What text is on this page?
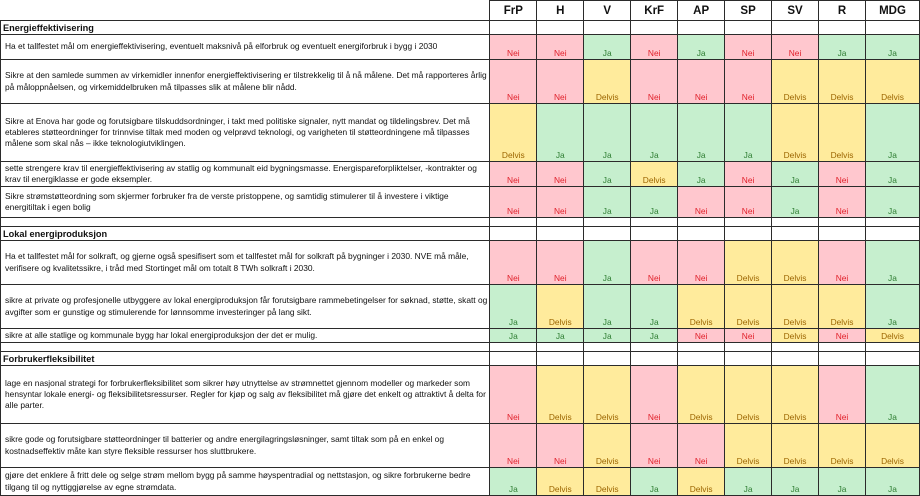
	FrP	H	V	KrF	AP	SP	SV	R	MDG
Energieffektivisering									
Ha et tallfestet mål om energieffektivisering, eventuelt maksnivå på elforbruk og eventuelt energiforbruk i bygg i 2030	Nei	Nei	Ja	Nei	Ja	Nei	Nei	Ja	Ja
Sikre at den samlede summen av virkemidler innenfor energieffektivisering er tilstrekkelig til å nå målene. Det må rapporteres årlig på måloppnåelsen, og virkemiddelbruken må tilpasses slik at målene blir nådd.	Nei	Nei	Delvis	Nei	Nei	Nei	Delvis	Delvis	Delvis
Sikre at Enova har gode og forutsigbare tilskuddsordninger, i takt med politiske signaler, nytt mandat og tildelingsbrev. Det må etableres støtteordninger for trinnvise tiltak med moden og velprøvd teknologi, og varigheten til støtteordningene må tilpasses målene som skal nås – ikke teknologiutviklingen.	Delvis	Ja	Ja	Ja	Ja	Ja	Delvis	Delvis	Ja
sette strengere krav til energieffektivisering av statlig og kommunalt eid bygningsmasse. Energispareforpliktelser, -kontrakter og krav til energiklasse er gode eksempler.	Nei	Nei	Ja	Delvis	Ja	Nei	Ja	Nei	Ja
Sikre strømstøtteordning som skjermer forbruker fra de verste pristoppene, og samtidig stimulerer til å investere i viktige energitiltak i egen bolig	Nei	Nei	Ja	Ja	Nei	Nei	Ja	Nei	Ja

Lokal energiproduksjon									
Ha et tallfestet mål for solkraft, og gjerne også spesifisert som et tallfestet mål for solkraft på bygninger i 2030. NVE må måle, verifisere og kvalitetssikre, i tråd med Stortinget mål om totalt 8 TWh solkraft i 2030.	Nei	Nei	Ja	Nei	Nei	Delvis	Delvis	Nei	Ja
sikre at private og profesjonelle utbyggere av lokal energiproduksjon får forutsigbare rammebetingelser for søknad, støtte, skatt og avgifter som er gunstige og stimulerende for lønnsomme investeringer på lang sikt.	Ja	Delvis	Ja	Ja	Delvis	Delvis	Delvis	Delvis	Ja
sikre at alle statlige og kommunale bygg har lokal energiproduksjon der det er mulig.	Ja	Ja	Ja	Ja	Nei	Nei	Delvis	Nei	Delvis

Forbrukerfleksibilitet									
lage en nasjonal strategi for forbrukerfleksibilitet som sikrer høy utnyttelse av strømnettet gjennom modeller og markeder som hensyntar lokale energi- og fleksibilitetsressurser. Regler for kjøp og salg av fleksibilitet må gjøre det enkelt og attraktivt å delta for alle parter.	Nei	Delvis	Delvis	Nei	Delvis	Delvis	Delvis	Nei	Ja
sikre gode og forutsigbare støtteordninger til batterier og andre energilagringsløsninger, samt tiltak som på en enkel og kostnadseffektiv måte kan styre fleksible ressurser hos sluttbrukere.	Nei	Nei	Delvis	Nei	Nei	Delvis	Delvis	Delvis	Delvis
gjøre det enklere å fritt dele og selge strøm mellom bygg på samme høyspentradial og nettstasjon, og sikre forbrukerne bedre tilgang til og nyttiggjørelse av egne strømdata.	Ja	Delvis	Delvis	Ja	Delvis	Ja	Ja	Ja	Ja
